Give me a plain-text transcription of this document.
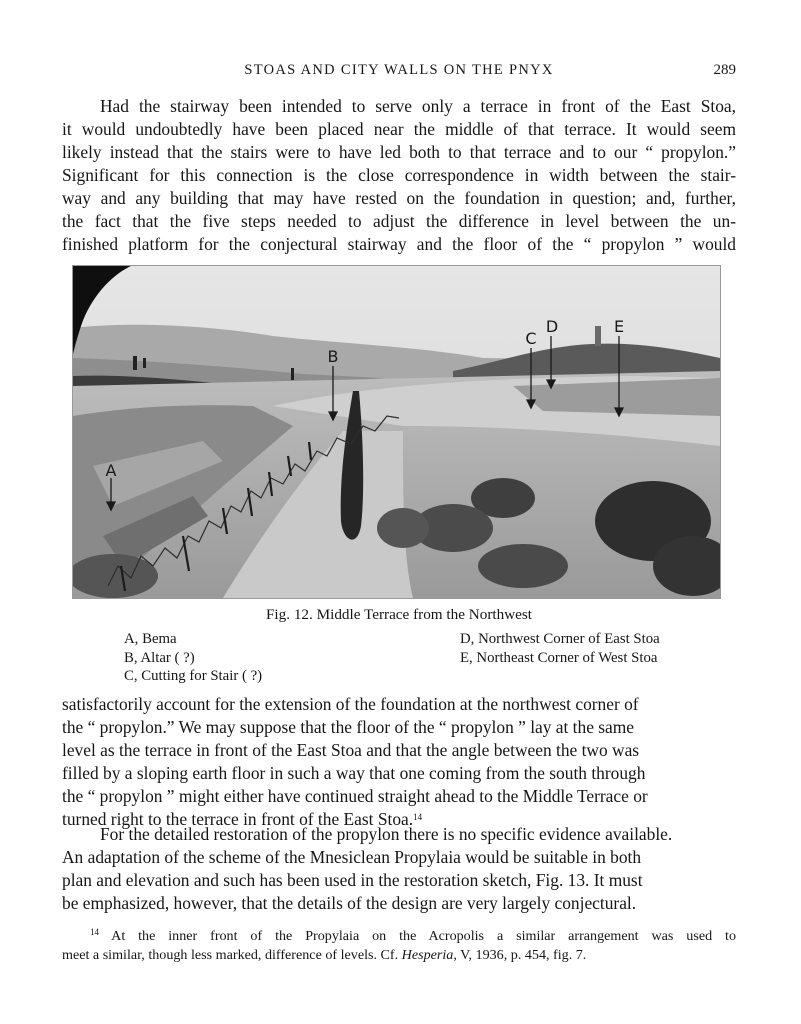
STOAS AND CITY WALLS ON THE PNYX	289
Had the stairway been intended to serve only a terrace in front of the East Stoa,
it would undoubtedly have been placed near the middle of that terrace. It would seem
likely instead that the stairs were to have led both to that terrace and to our “ propylon.”
Significant for this connection is the close correspondence in width between the stair-
way and any building that may have rested on the foundation in question; and, further,
the fact that the five steps needed to adjust the difference in level between the un-
finished platform for the conjectural stairway and the floor of the “ propylon ” would
A
B
C
D	E
Fig. 12. Middle Terrace from the Northwest
A, Bema
B, Altar ( ?)
C, Cutting for Stair ( ?)
D, Northwest Corner of East Stoa
E, Northeast Corner of West Stoa
satisfactorily account for the extension of the foundation at the northwest corner of
the “ propylon.” We may suppose that the floor of the “ propylon ” lay at the same
level as the terrace in front of the East Stoa and that the angle between the two was
filled by a sloping earth floor in such a way that one coming from the south through
the “ propylon ” might either have continued straight ahead to the Middle Terrace or
turned right to the terrace in front of the East Stoa.$^{14}$
For the detailed restoration of the propylon there is no specific evidence available.
An adaptation of the scheme of the Mnesiclean Propylaia would be suitable in both
plan and elevation and such has been used in the restoration sketch, Fig. 13. It must
be emphasized, however, that the details of the design are very largely conjectural.
$^{14}$ At the inner front of the Propylaia on the Acropolis a similar arrangement was used to
meet a similar, though less marked, difference of levels. Cf. Hesperia, V, 1936, p. 454, fig. 7.
